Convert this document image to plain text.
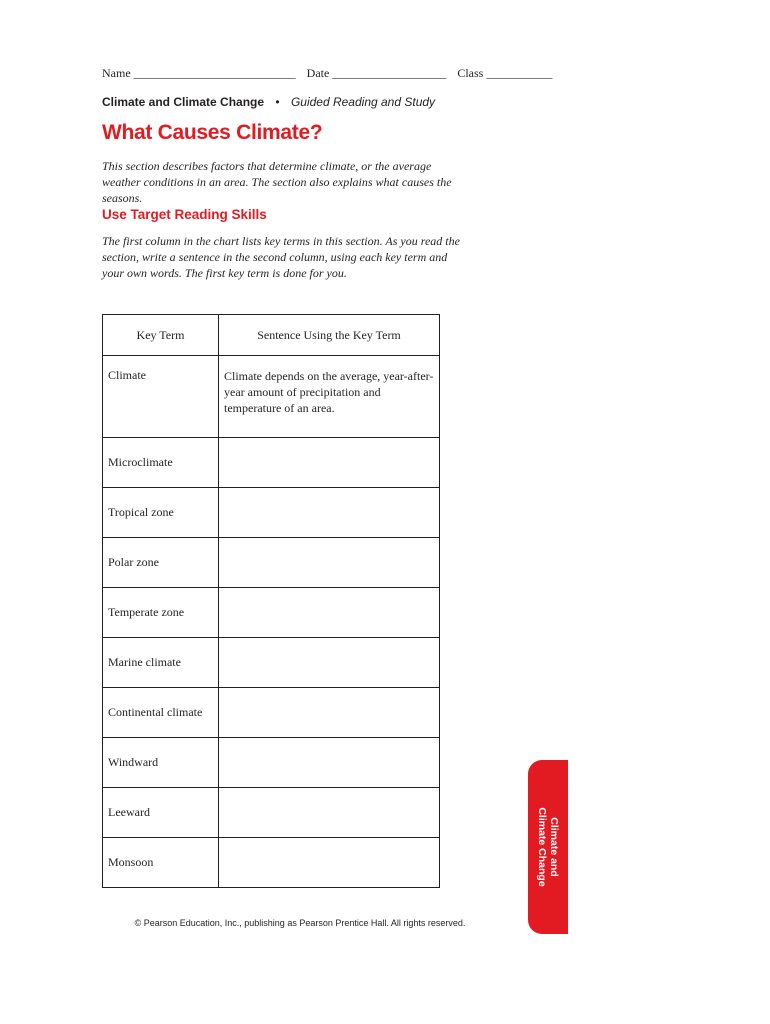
Name ___________________________ Date ___________________ Class ___________
Climate and Climate Change • Guided Reading and Study
What Causes Climate?

This section describes factors that determine climate, or the average weather conditions in an area. The section also explains what causes the seasons.

Use Target Reading Skills

The first column in the chart lists key terms in this section. As you read the section, write a sentence in the second column, using each key term and your own words. The first key term is done for you.

Key Term	Sentence Using the Key Term
Climate	Climate depends on the average, year-after-year amount of precipitation and temperature of an area.
Microclimate	
Tropical zone	
Polar zone	
Temperate zone	
Marine climate	
Continental climate	
Windward	
Leeward	
Monsoon		Climate and
Climate Change
© Pearson Education, Inc., publishing as Pearson Prentice Hall. All rights reserved.
